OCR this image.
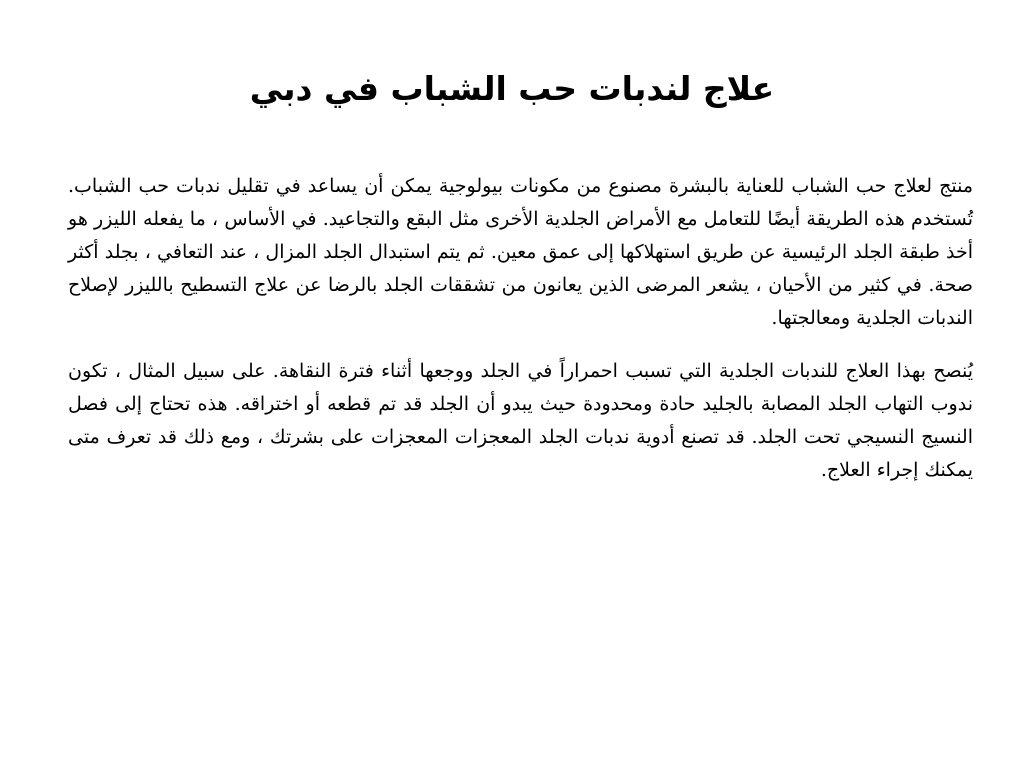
علاج لندبات حب الشباب في دبي

منتج لعلاج حب الشباب للعناية بالبشرة مصنوع من مكونات بيولوجية يمكن أن يساعد في تقليل ندبات حب الشباب. تُستخدم هذه الطريقة أيضًا للتعامل مع الأمراض الجلدية الأخرى مثل البقع والتجاعيد. في الأساس ، ما يفعله الليزر هو أخذ طبقة الجلد الرئيسية عن طريق استهلاكها إلى عمق معين. ثم يتم استبدال الجلد المزال ، عند التعافي ، بجلد أكثر صحة. في كثير من الأحيان ، يشعر المرضى الذين يعانون من تشققات الجلد بالرضا عن علاج التسطيح بالليزر لإصلاح الندبات الجلدية ومعالجتها.

يُنصح بهذا العلاج للندبات الجلدية التي تسبب احمراراً في الجلد ووجعها أثناء فترة النقاهة. على سبيل المثال ، تكون ندوب التهاب الجلد المصابة بالجليد حادة ومحدودة حيث يبدو أن الجلد قد تم قطعه أو اختراقه. هذه تحتاج إلى فصل النسيج النسيجي تحت الجلد. قد تصنع أدوية ندبات الجلد المعجزات المعجزات على بشرتك ، ومع ذلك قد تعرف متى يمكنك إجراء العلاج.
